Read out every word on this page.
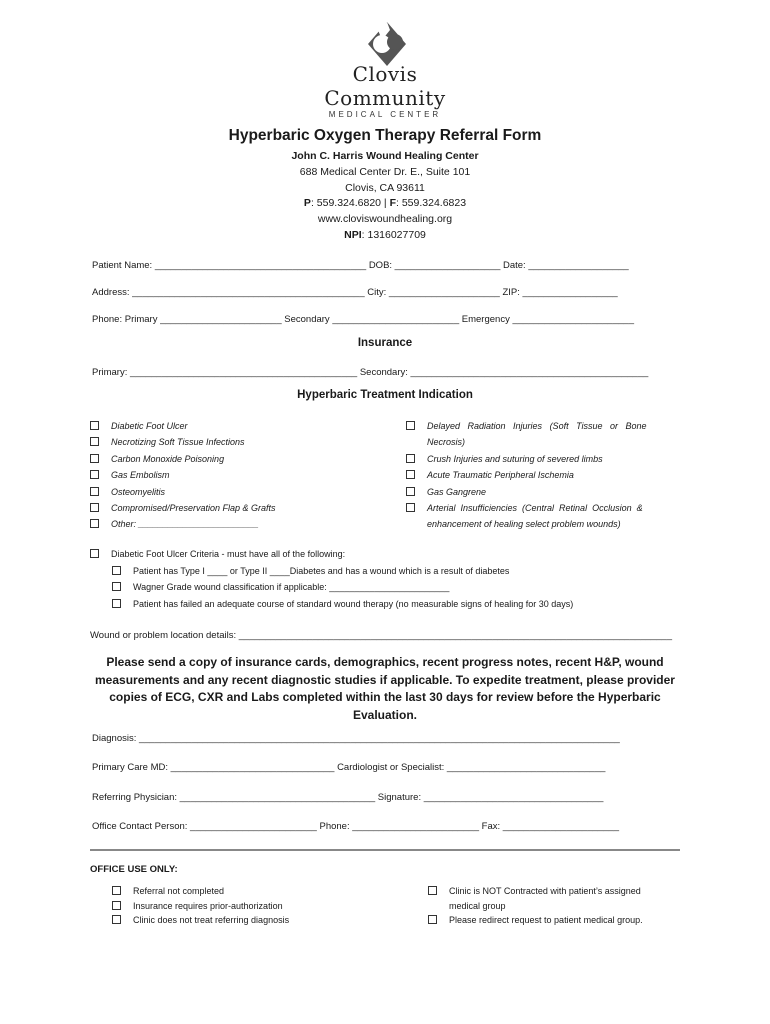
Clovis
Community
MEDICAL CENTER
Hyperbaric Oxygen Therapy Referral Form
John C. Harris Wound Healing Center
688 Medical Center Dr. E., Suite 101
Clovis, CA 93611
P: 559.324.6820 | F: 559.324.6823
www.cloviswoundhealing.org
NPI: 1316027709
Patient Name: ________________________________________ DOB: ____________________ Date: ___________________
Address: ____________________________________________ City: _____________________ ZIP: __________________
Phone: Primary _______________________ Secondary ________________________ Emergency _______________________
Insurance
Primary: ___________________________________________ Secondary: _____________________________________________
Hyperbaric Treatment Indication
Diabetic Foot Ulcer
Necrotizing Soft Tissue Infections
Carbon Monoxide Poisoning
Gas Embolism
Osteomyelitis
Compromised/Preservation Flap & Grafts
Other: ________________________
Delayed   Radiation   Injuries   (Soft   Tissue   or   Bone
Necrosis)
Crush Injuries and suturing of severed limbs
Acute Traumatic Peripheral Ischemia
Gas Gangrene
Arterial  Insufficiencies  (Central  Retinal  Occlusion  &
enhancement of healing select problem wounds)
Diabetic Foot Ulcer Criteria - must have all of the following:
Patient has Type I ____ or Type II ____Diabetes and has a wound which is a result of diabetes
Wagner Grade wound classification if applicable: ________________________
Patient has failed an adequate course of standard wound therapy (no measurable signs of healing for 30 days)
Wound or problem location details: __________________________________________________________________________________
Please send a copy of insurance cards, demographics, recent progress notes, recent H&P, wound measurements and any recent diagnostic studies if applicable. To expedite treatment, please provider copies of ECG, CXR and Labs completed within the last 30 days for review before the Hyperbaric Evaluation.
Diagnosis: ___________________________________________________________________________________________
Primary Care MD: _______________________________ Cardiologist or Specialist: ______________________________
Referring Physician: _____________________________________ Signature: __________________________________
Office Contact Person: ________________________ Phone: ________________________ Fax: ______________________
OFFICE USE ONLY:
Referral not completed
Insurance requires prior-authorization
Clinic does not treat referring diagnosis
Clinic is NOT Contracted with patient’s assigned
medical group
Please redirect request to patient medical group.
